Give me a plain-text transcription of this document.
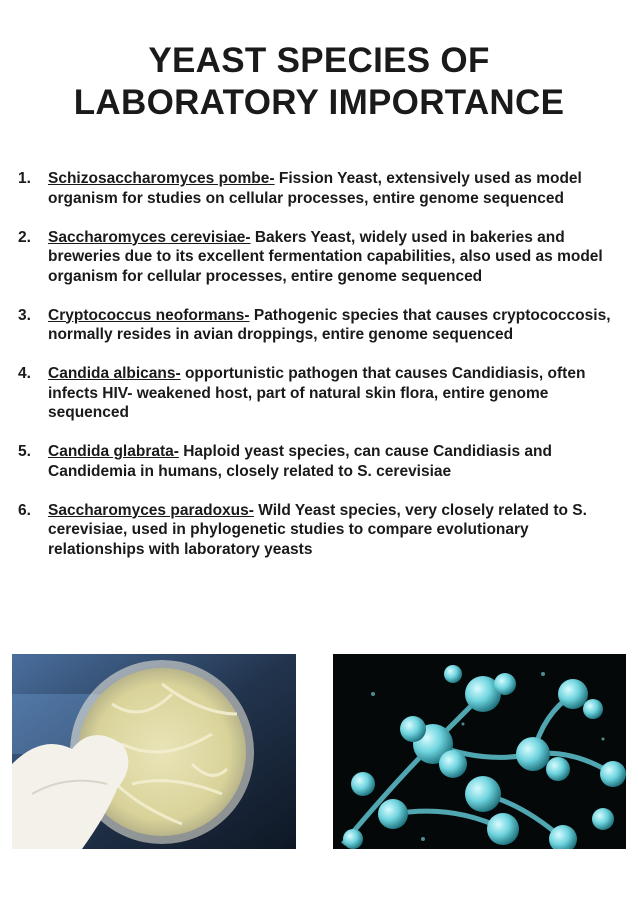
YEAST SPECIES OF
LABORATORY IMPORTANCE
1. Schizosaccharomyces pombe- Fission Yeast, extensively used as model organism for studies on cellular processes, entire genome sequenced
2. Saccharomyces cerevisiae- Bakers Yeast, widely used in bakeries and breweries due to its excellent fermentation capabilities, also used as model organism for cellular processes, entire genome sequenced
3. Cryptococcus neoformans- Pathogenic species that causes cryptococcosis, normally resides in avian droppings, entire genome sequenced
4. Candida albicans- opportunistic pathogen that causes Candidiasis, often infects HIV- weakened host, part of natural skin flora, entire genome sequenced
5. Candida glabrata- Haploid yeast species, can cause Candidiasis and Candidemia in humans, closely related to S. cerevisiae
6. Saccharomyces paradoxus- Wild Yeast species, very closely related to S. cerevisiae, used in phylogenetic studies to compare evolutionary relationships with laboratory yeasts
